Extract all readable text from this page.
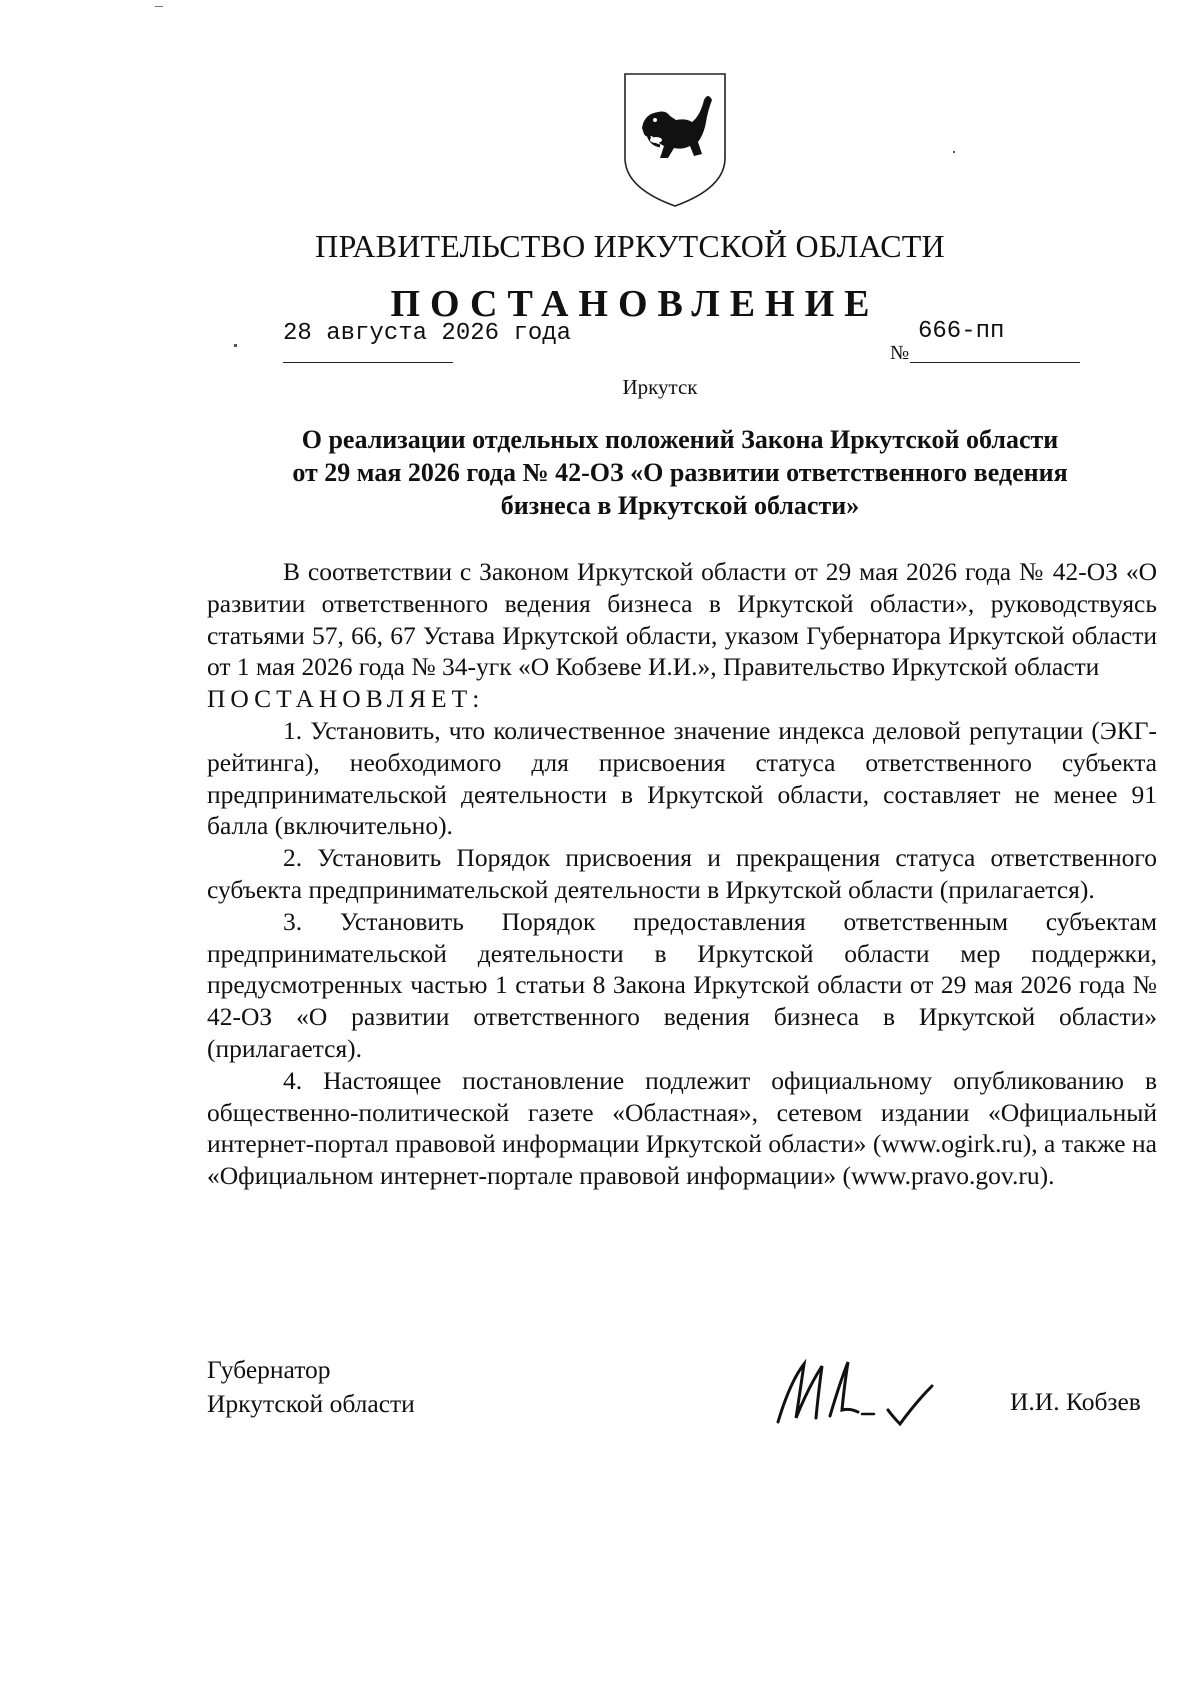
ПРАВИТЕЛЬСТВО ИРКУТСКОЙ ОБЛАСТИ
ПОСТАНОВЛЕНИЕ
28 августа 2026 года
№
666-пп
Иркутск
О реализации отдельных положений Закона Иркутской области
от 29 мая 2026 года № 42-ОЗ «О развитии ответственного ведения
бизнеса в Иркутской области»

В соответствии с Законом Иркутской области от 29 мая 2026 года № 42-ОЗ «О развитии ответственного ведения бизнеса в Иркутской области», руководствуясь статьями 57, 66, 67 Устава Иркутской области, указом Губернатора Иркутской области от 1 мая 2026 года № 34-угк «О Кобзеве И.И.», Правительство Иркутской области

ПОСТАНОВЛЯЕТ:

1. Установить, что количественное значение индекса деловой репутации (ЭКГ-рейтинга), необходимого для присвоения статуса ответственного субъекта предпринимательской деятельности в Иркутской области, составляет не менее 91 балла (включительно).

2. Установить Порядок присвоения и прекращения статуса ответственного субъекта предпринимательской деятельности в Иркутской области (прилагается).

3. Установить Порядок предоставления ответственным субъектам предпринимательской деятельности в Иркутской области мер поддержки, предусмотренных частью 1 статьи 8 Закона Иркутской области от 29 мая 2026 года № 42-ОЗ «О развитии ответственного ведения бизнеса в Иркутской области» (прилагается).

4. Настоящее постановление подлежит официальному опубликованию в общественно-политической газете «Областная», сетевом издании «Официальный интернет-портал правовой информации Иркутской области» (www.ogirk.ru), а также на «Официальном интернет-портале правовой информации» (www.pravo.gov.ru).

Губернатор
Иркутской области	И.И. Кобзев
